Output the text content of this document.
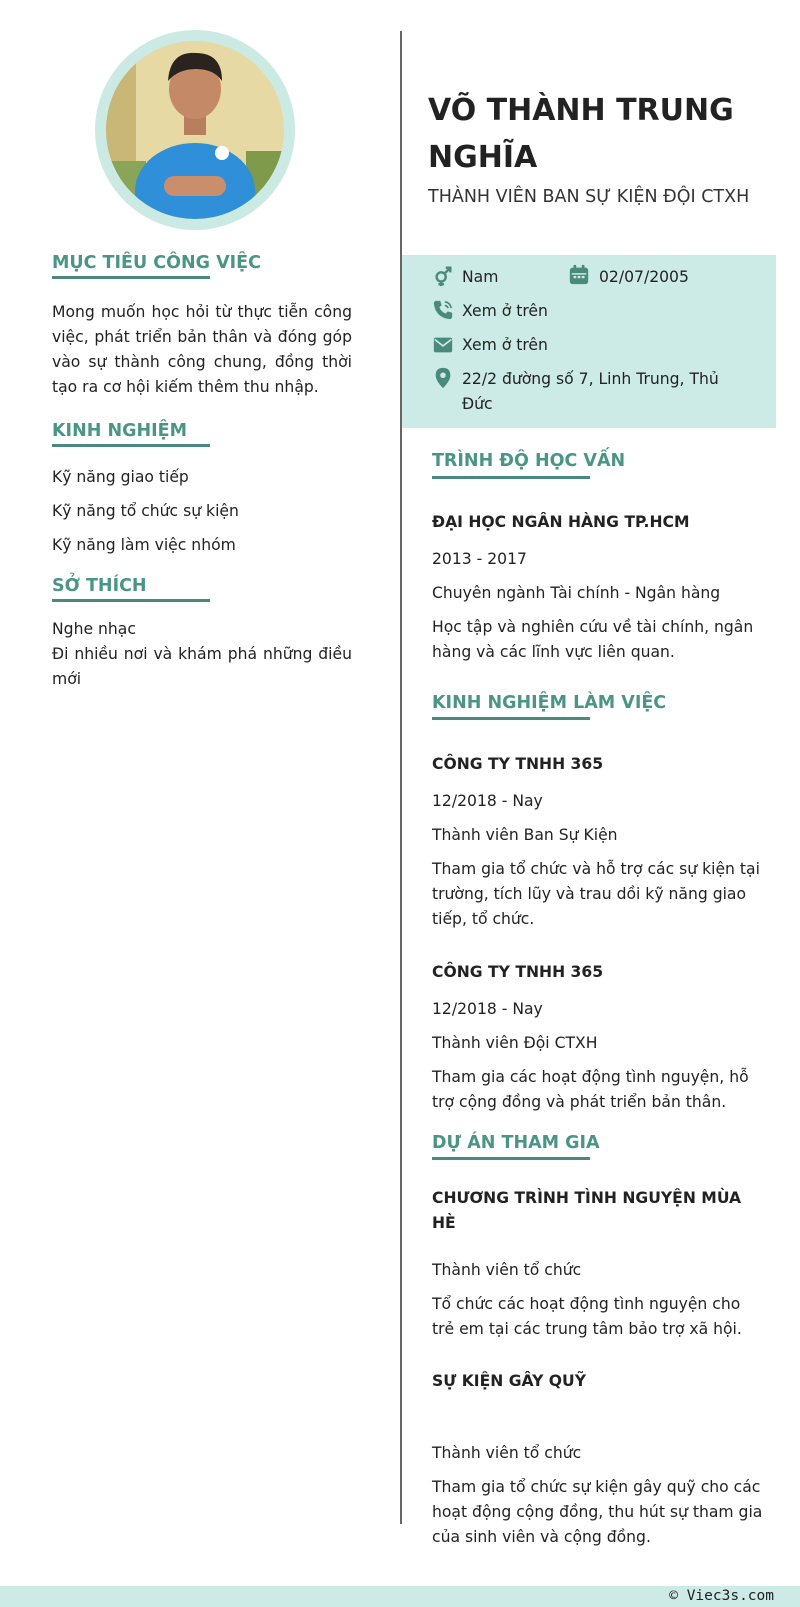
MỤC TIÊU CÔNG VIỆC
Mong muốn học hỏi từ thực tiễn công việc, phát triển bản thân và đóng góp vào sự thành công chung, đồng thời tạo ra cơ hội kiếm thêm thu nhập.
KINH NGHIỆM
Kỹ năng giao tiếp
Kỹ năng tổ chức sự kiện
Kỹ năng làm việc nhóm
SỞ THÍCH
Nghe nhạc
Đi nhiều nơi và khám phá những điều mới
VÕ THÀNH TRUNG NGHĨA
THÀNH VIÊN BAN SỰ KIỆN ĐỘI CTXH
Nam	02/07/2005
Xem ở trên
Xem ở trên
22/2 đường số 7, Linh Trung, Thủ Đức
TRÌNH ĐỘ HỌC VẤN
ĐẠI HỌC NGÂN HÀNG TP.HCM
2013 - 2017
Chuyên ngành Tài chính - Ngân hàng
Học tập và nghiên cứu về tài chính, ngân hàng và các lĩnh vực liên quan.
KINH NGHIỆM LÀM VIỆC
CÔNG TY TNHH 365
12/2018 - Nay
Thành viên Ban Sự Kiện
Tham gia tổ chức và hỗ trợ các sự kiện tại trường, tích lũy và trau dồi kỹ năng giao tiếp, tổ chức.
CÔNG TY TNHH 365
12/2018 - Nay
Thành viên Đội CTXH
Tham gia các hoạt động tình nguyện, hỗ trợ cộng đồng và phát triển bản thân.
DỰ ÁN THAM GIA
CHƯƠNG TRÌNH TÌNH NGUYỆN MÙA HÈ
Thành viên tổ chức
Tổ chức các hoạt động tình nguyện cho trẻ em tại các trung tâm bảo trợ xã hội.
SỰ KIỆN GÂY QUỸ
Thành viên tổ chức
Tham gia tổ chức sự kiện gây quỹ cho các hoạt động cộng đồng, thu hút sự tham gia của sinh viên và cộng đồng.
© Viec3s.com
